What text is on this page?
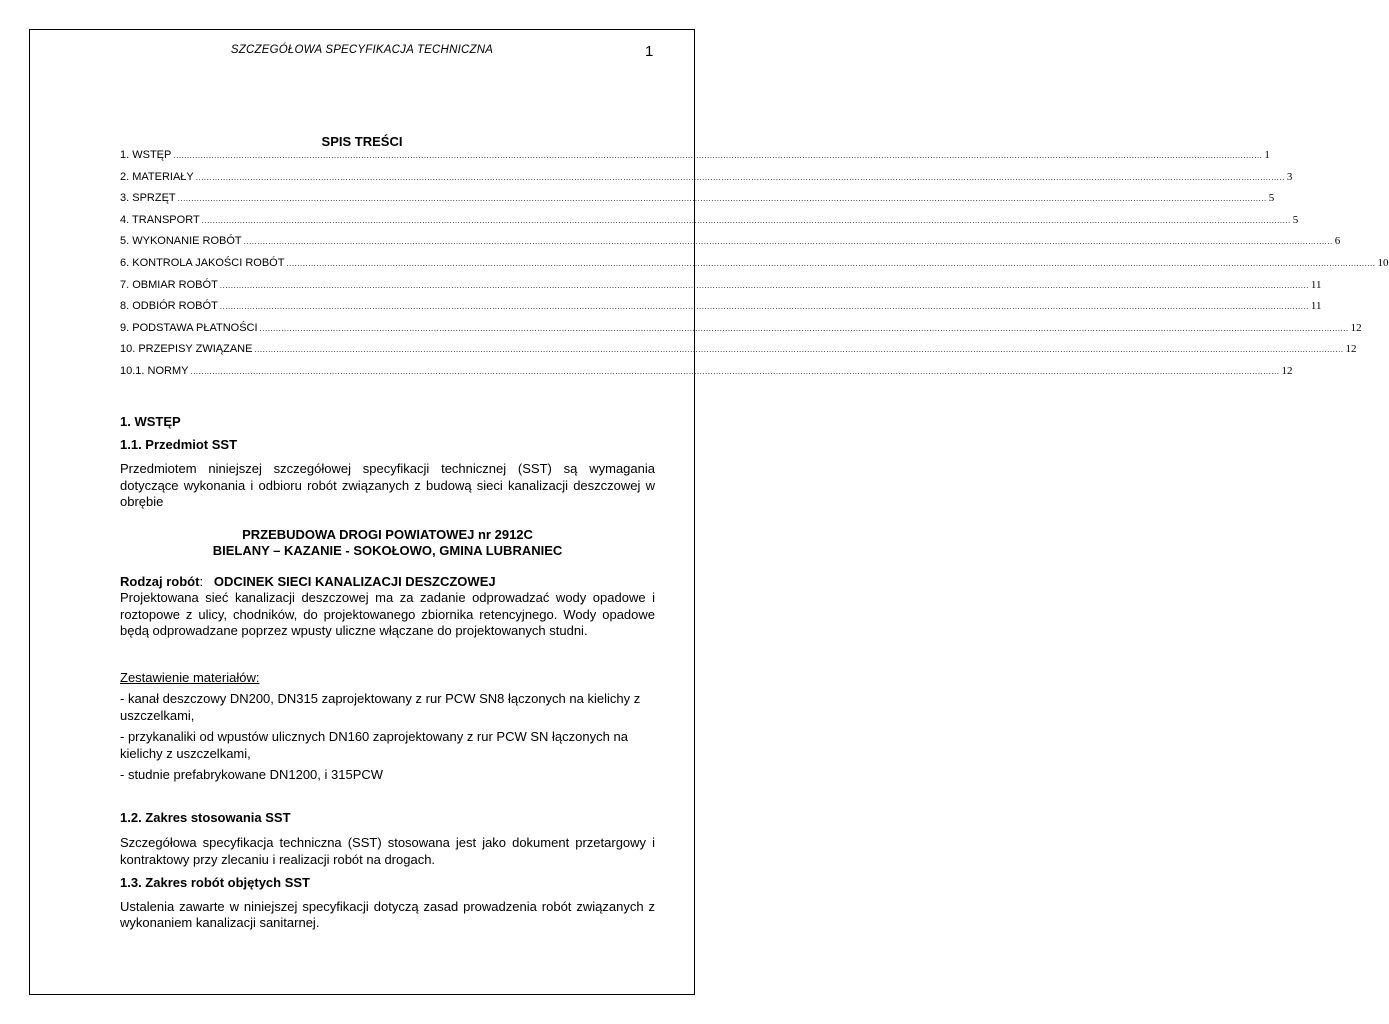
SZCZEGÓŁOWA SPECYFIKACJA TECHNICZNA	1
SPIS TREŚCI
1. WSTĘP ................................................................................................................................................................................................................................................................................................................................................................................................................ 1
2. MATERIAŁY ................................................................................................................................................................................................................................................................................................................................................................................................................ 3
3. SPRZĘT ................................................................................................................................................................................................................................................................................................................................................................................................................ 5
4. TRANSPORT ................................................................................................................................................................................................................................................................................................................................................................................................................ 5
5. WYKONANIE ROBÓT ................................................................................................................................................................................................................................................................................................................................................................................................................ 6
6. KONTROLA JAKOŚCI ROBÓT ................................................................................................................................................................................................................................................................................................................................................................................................................ 10
7. OBMIAR ROBÓT ................................................................................................................................................................................................................................................................................................................................................................................................................ 11
8. ODBIÓR ROBÓT ................................................................................................................................................................................................................................................................................................................................................................................................................ 11
9. PODSTAWA PŁATNOŚCI ................................................................................................................................................................................................................................................................................................................................................................................................................ 12
10. PRZEPISY ZWIĄZANE ................................................................................................................................................................................................................................................................................................................................................................................................................ 12
10.1. NORMY ................................................................................................................................................................................................................................................................................................................................................................................................................ 12
1. WSTĘP
1.1. Przedmiot SST

Przedmiotem niniejszej szczegółowej specyfikacji technicznej (SST) są wymagania dotyczące wykonania i odbioru robót związanych z budową sieci kanalizacji deszczowej w obrębie

PRZEBUDOWA DROGI POWIATOWEJ nr 2912C

BIELANY – KAZANIE - SOKOŁOWO, GMINA LUBRANIEC

Rodzaj robót: ODCINEK SIECI KANALIZACJI DESZCZOWEJ

Projektowana sieć kanalizacji deszczowej ma za zadanie odprowadzać wody opadowe i roztopowe z ulicy, chodników, do projektowanego zbiornika retencyjnego. Wody opadowe będą odprowadzane poprzez wpusty uliczne włączane do projektowanych studni.

Zestawienie materiałów:

- kanał deszczowy DN200, DN315 zaprojektowany z rur PCW SN8 łączonych na kielichy z uszczelkami,

- przykanaliki od wpustów ulicznych DN160 zaprojektowany z rur PCW SN łączonych na kielichy z uszczelkami,

- studnie prefabrykowane DN1200, i 315PCW

1.2. Zakres stosowania SST

Szczegółowa specyfikacja techniczna (SST) stosowana jest jako dokument przetargowy i kontraktowy przy zlecaniu i realizacji robót na drogach.

1.3. Zakres robót objętych SST

Ustalenia zawarte w niniejszej specyfikacji dotyczą zasad prowadzenia robót związanych z wykonaniem kanalizacji sanitarnej.
